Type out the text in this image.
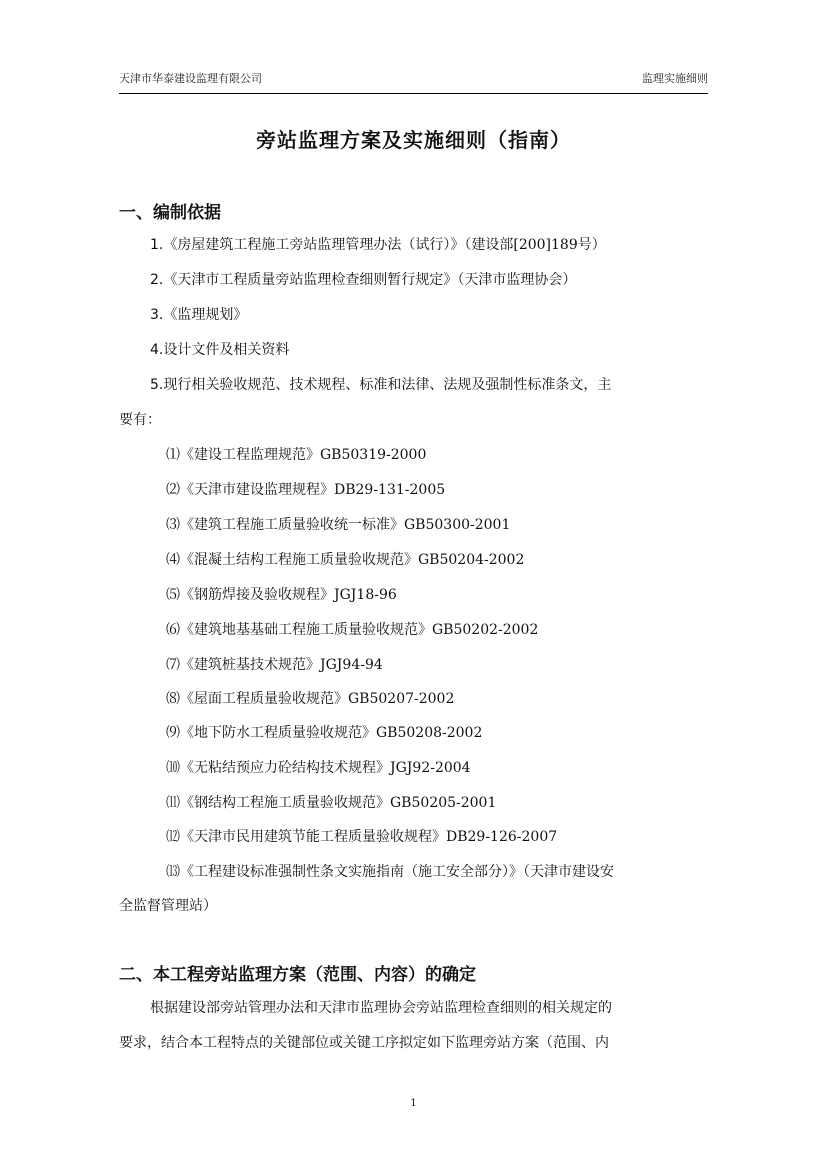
天津市华泰建设监理有限公司	监理实施细则
旁站监理方案及实施细则（指南）
一、编制依据
1.《房屋建筑工程施工旁站监理管理办法（试行）》（建设部[200]189号）
2.《天津市工程质量旁站监理检查细则暂行规定》（天津市监理协会）
3.《监理规划》
4.设计文件及相关资料
5.现行相关验收规范、技术规程、标准和法律、法规及强制性标准条文，主
要有：
⑴《建设工程监理规范》GB50319-2000
⑵《天津市建设监理规程》DB29-131-2005
⑶《建筑工程施工质量验收统一标准》GB50300-2001
⑷《混凝土结构工程施工质量验收规范》GB50204-2002
⑸《钢筋焊接及验收规程》JGJ18-96
⑹《建筑地基基础工程施工质量验收规范》GB50202-2002
⑺《建筑桩基技术规范》JGJ94-94
⑻《屋面工程质量验收规范》GB50207-2002
⑼《地下防水工程质量验收规范》GB50208-2002
⑽《无粘结预应力砼结构技术规程》JGJ92-2004
⑾《钢结构工程施工质量验收规范》GB50205-2001
⑿《天津市民用建筑节能工程质量验收规程》DB29-126-2007
⒀《工程建设标准强制性条文实施指南（施工安全部分）》（天津市建设安
全监督管理站）
二、本工程旁站监理方案（范围、内容）的确定
根据建设部旁站管理办法和天津市监理协会旁站监理检查细则的相关规定的
要求，结合本工程特点的关键部位或关键工序拟定如下监理旁站方案（范围、内
1
